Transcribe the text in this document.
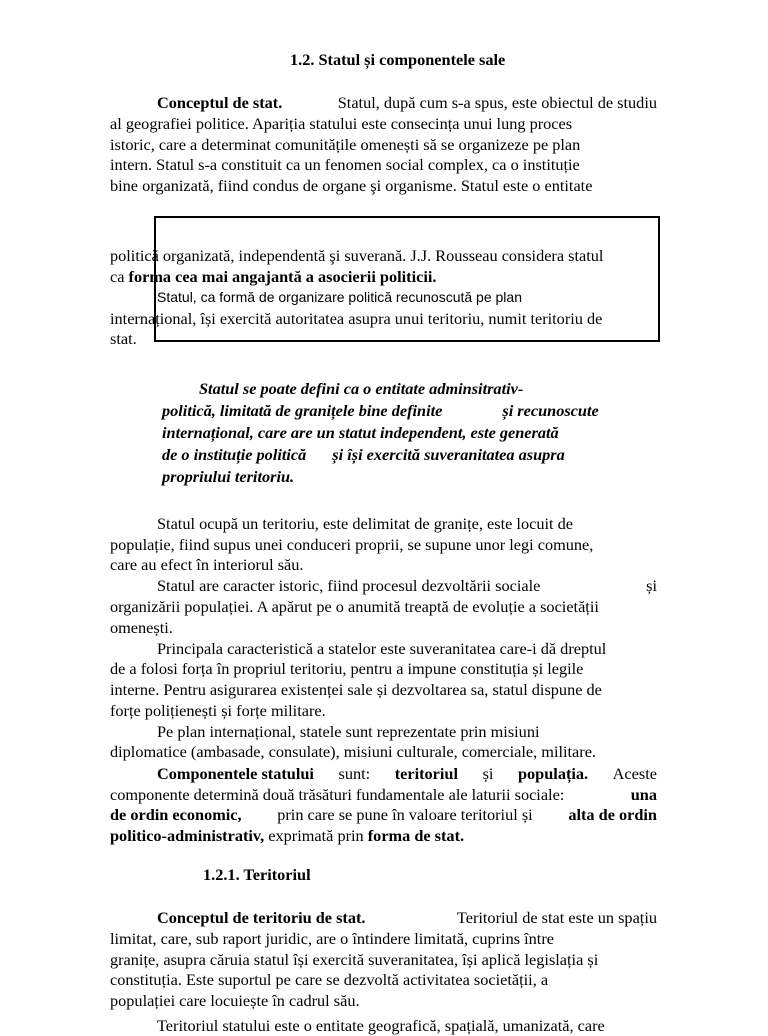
1.2. Statul și componentele sale
Conceptul de stat.	Statul, după cum s-a spus, este obiectul de studiu
al geografiei politice. Apariția statului este consecința unui lung proces
istoric, care a determinat comunitățile omenești să se organizeze pe plan
intern. Statul s-a constituit ca un fenomen social complex, ca o instituție
bine organizată, fiind condus de organe şi organisme. Statul este o entitate
politică organizată, independentă şi suverană. J.J. Rousseau considera statul
ca forma cea mai angajantă a asocierii politicii.
internațional, își exercită autoritatea asupra unui teritoriu, numit teritoriu de
stat.
Statul, ca formă de organizare politică recunoscută pe plan
Statul se poate defini ca o entitate adminsitrativ-
politică, limitată de granițele bine definite	și recunoscute
internațional, care are un statut independent, este generată
de o instituție politică și își exercită suveranitatea asupra
propriului teritoriu.
Statul ocupă un teritoriu, este delimitat de granițe, este locuit de
populație, fiind supus unei conduceri proprii, se supune unor legi comune,
care au efect în interiorul său.
Statul are caracter istoric, fiind procesul dezvoltării sociale	și
organizării populației. A apărut pe o anumită treaptă de evoluție a societății
omenești.
Principala caracteristică a statelor este suveranitatea care-i dă dreptul
de a folosi forța în propriul teritoriu, pentru a impune constituția și legile
interne. Pentru asigurarea existenței sale și dezvoltarea sa, statul dispune de
forțe polițienești și forțe militare.
Pe plan internațional, statele sunt reprezentate prin misiuni
diplomatice (ambasade, consulate), misiuni culturale, comerciale, militare.
Componentele statului sunt: teritoriul și populația. Aceste
componente determină două trăsături fundamentale ale laturii sociale:	una
de ordin economic, prin care se pune în valoare teritoriul și alta de ordin
politico-administrativ, exprimată prin forma de stat.
1.2.1. Teritoriul
Conceptul de teritoriu de stat.	Teritoriul de stat este un spațiu
limitat, care, sub raport juridic, are o întindere limitată, cuprins între
granițe, asupra căruia statul își exercită suveranitatea, își aplică legislația și
constituția. Este suportul pe care se dezvoltă activitatea societății, a
populației care locuiește în cadrul său.
Teritoriul statului este o entitate geografică, spațială, umanizată, care
